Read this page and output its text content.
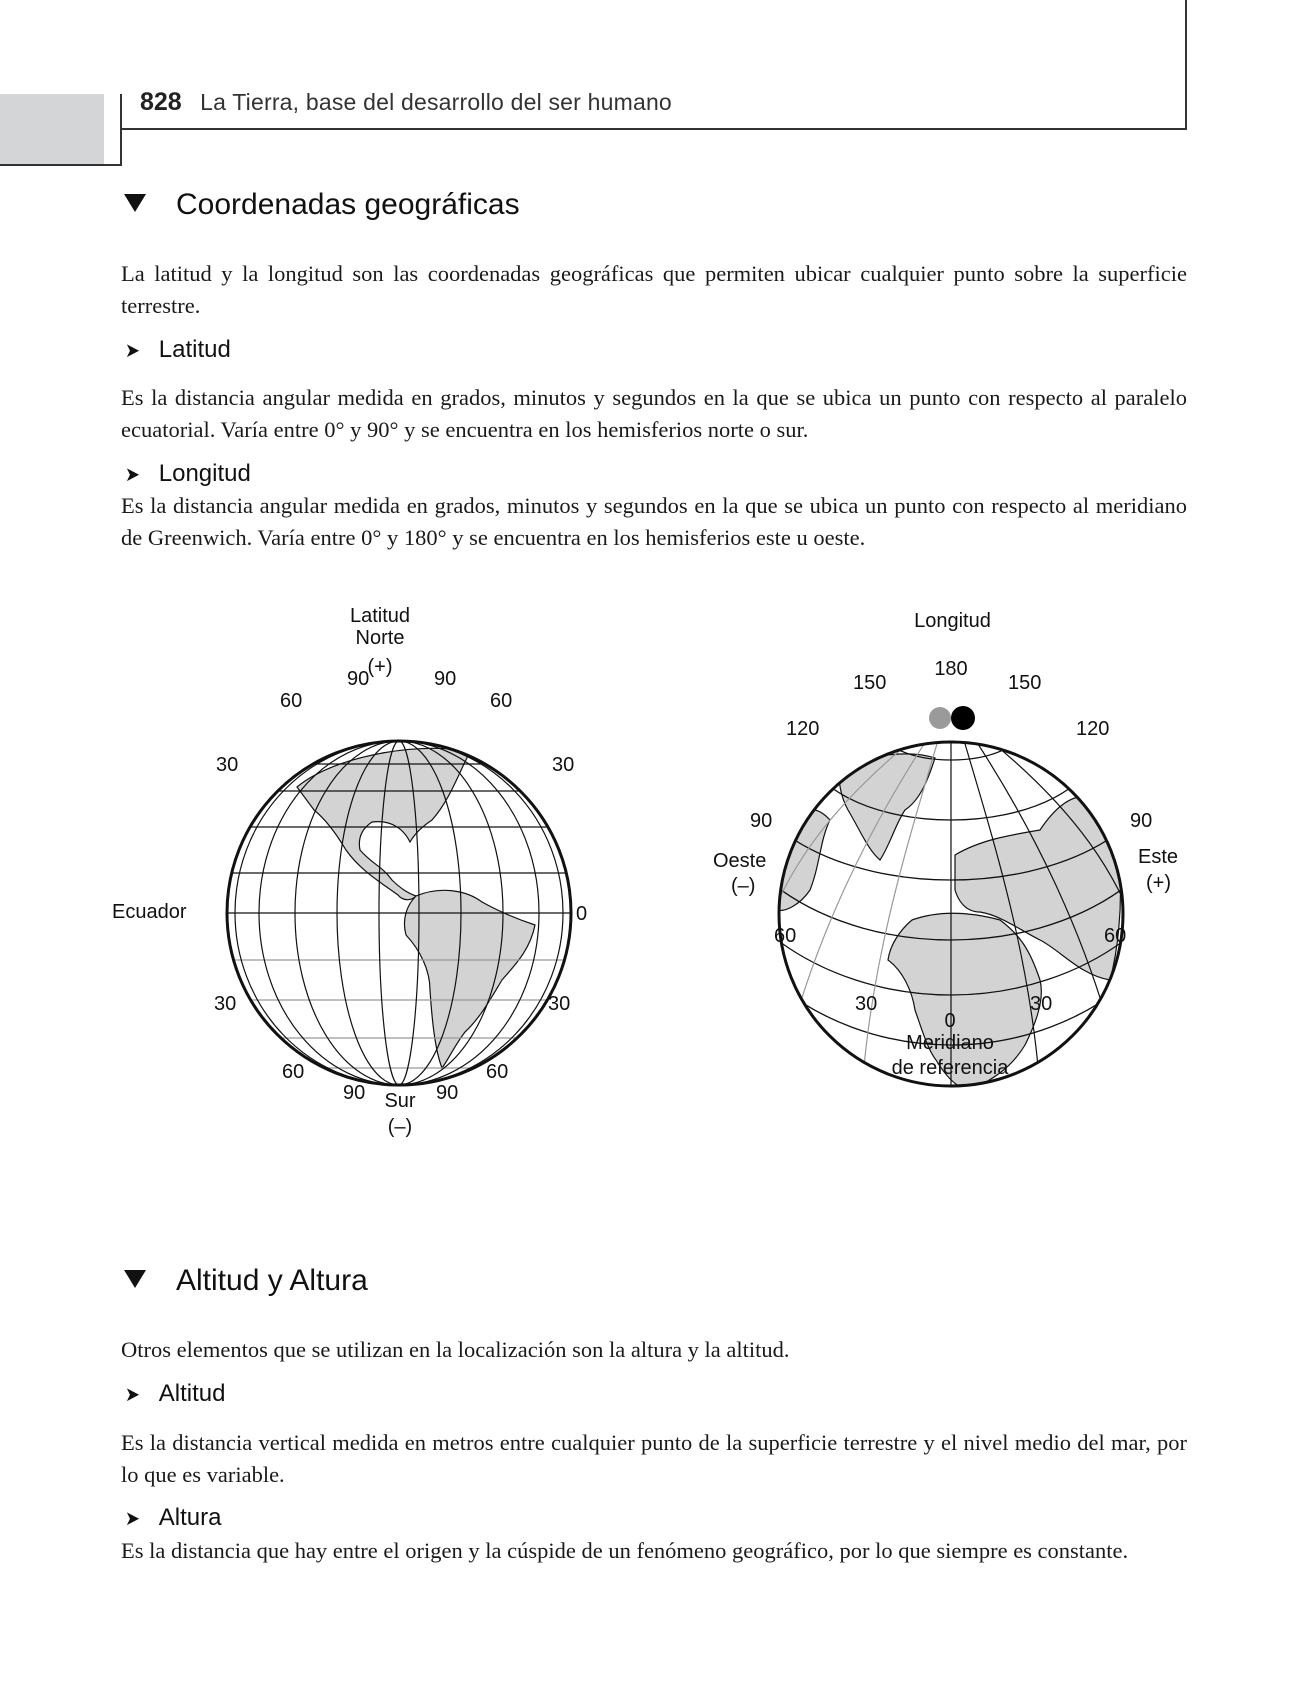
828 La Tierra, base del desarrollo del ser humano
Coordenadas geográficas
La latitud y la longitud son las coordenadas geográficas que permiten ubicar cualquier punto sobre la superficie terrestre.
➤ Latitud
Es la distancia angular medida en grados, minutos y segundos en la que se ubica un punto con respecto al paralelo ecuatorial. Varía entre 0° y 90° y se encuentra en los hemisferios norte o sur.
➤ Longitud
Es la distancia angular medida en grados, minutos y segundos en la que se ubica un punto con respecto al meridiano de Greenwich. Varía entre 0° y 180° y se encuentra en los hemisferios este u oeste.
Latitud
Norte
(+)
90	90
60	60
30	30
Ecuador	0
30	30
60	60
90	90
Sur
(–)
Longitud
180
150	150
120	120
90	90
Oeste
(–)
Este
(+)
60	60
30	30
0
Meridiano
de referencia
Altitud y Altura
Otros elementos que se utilizan en la localización son la altura y la altitud.
➤ Altitud
Es la distancia vertical medida en metros entre cualquier punto de la superficie terrestre y el nivel medio del mar, por lo que es variable.
➤ Altura
Es la distancia que hay entre el origen y la cúspide de un fenómeno geográfico, por lo que siempre es constante.
